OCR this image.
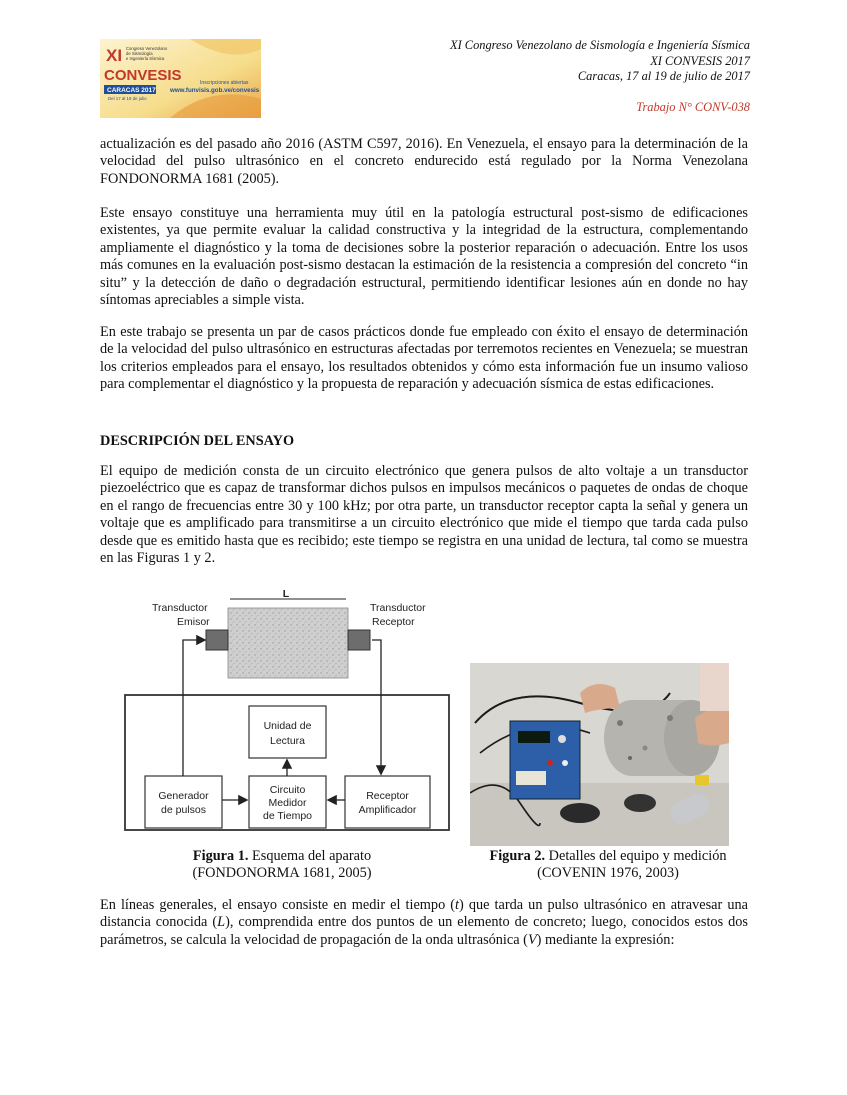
XI
CONVESIS
Congreso Venezolano
de Sismología
e Ingeniería Sísmica
CARACAS 2017
Del 17 al 19 de julio
Inscripciones abiertas
www.funvisis.gob.ve/convesis
XI Congreso Venezolano de Sismología e Ingeniería Sísmica
XI CONVESIS 2017
Caracas, 17 al 19 de julio de 2017
Trabajo N° CONV-038

actualización es del pasado año 2016 (ASTM C597, 2016). En Venezuela, el ensayo para la determinación de la velocidad del pulso ultrasónico en el concreto endurecido está regulado por la Norma Venezolana FONDONORMA 1681 (2005).

Este ensayo constituye una herramienta muy útil en la patología estructural post-sismo de edificaciones existentes, ya que permite evaluar la calidad constructiva y la integridad de la estructura, complementando ampliamente el diagnóstico y la toma de decisiones sobre la posterior reparación o adecuación. Entre los usos más comunes en la evaluación post-sismo destacan la estimación de la resistencia a compresión del concreto “in situ” y la detección de daño o degradación estructural, permitiendo identificar lesiones aún en donde no hay síntomas apreciables a simple vista.

En este trabajo se presenta un par de casos prácticos donde fue empleado con éxito el ensayo de determinación de la velocidad del pulso ultrasónico en estructuras afectadas por terremotos recientes en Venezuela; se muestran los criterios empleados para el ensayo, los resultados obtenidos y cómo esta información fue un insumo valioso para complementar el diagnóstico y la propuesta de reparación y adecuación sísmica de estas edificaciones.

DESCRIPCIÓN DEL ENSAYO

El equipo de medición consta de un circuito electrónico que genera pulsos de alto voltaje a un transductor piezoeléctrico que es capaz de transformar dichos pulsos en impulsos mecánicos o paquetes de ondas de choque en el rango de frecuencias entre 30 y 100 kHz; por otra parte, un transductor receptor capta la señal y genera un voltaje que es amplificado para transmitirse a un circuito electrónico que mide el tiempo que tarda cada pulso desde que es emitido hasta que es recibido; este tiempo se registra en una unidad de lectura, tal como se muestra en las Figuras 1 y 2.

L
Transductor
Emisor
Transductor
Receptor
Unidad de
Lectura
Generador
de pulsos
Circuito
Medidor
de Tiempo
Receptor
Amplificador

Figura 1. Esquema del aparato
(FONDONORMA 1681, 2005)

Figura 2. Detalles del equipo y medición
(COVENIN 1976, 2003)

En líneas generales, el ensayo consiste en medir el tiempo (t) que tarda un pulso ultrasónico en atravesar una distancia conocida (L), comprendida entre dos puntos de un elemento de concreto; luego, conocidos estos dos parámetros, se calcula la velocidad de propagación de la onda ultrasónica (V) mediante la expresión:
